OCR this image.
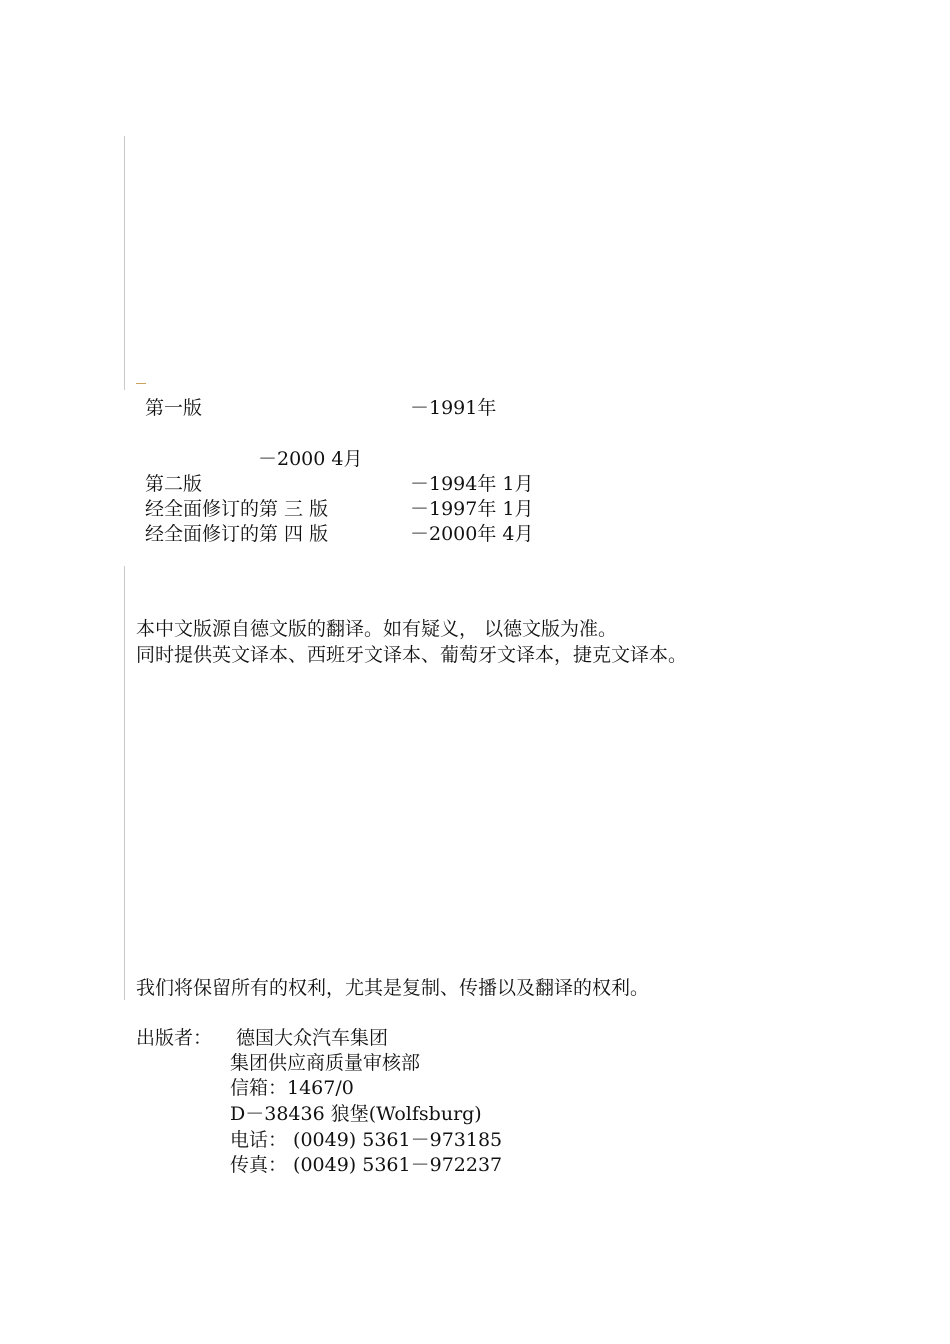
第一版	－1991年
－2000 4月
第二版	－1994年 1月
经全面修订的第 三 版	－1997年 1月
经全面修订的第 四 版	－2000年 4月
本中文版源自德文版的翻译。如有疑义， 以德文版为准。
同时提供英文译本、西班牙文译本、葡萄牙文译本，捷克文译本。
我们将保留所有的权利，尤其是复制、传播以及翻译的权利。
出版者： 德国大众汽车集团
集团供应商质量审核部
信箱：1467/0
D－38436 狼堡(Wolfsburg)
电话： (0049) 5361－973185
传真： (0049) 5361－972237
